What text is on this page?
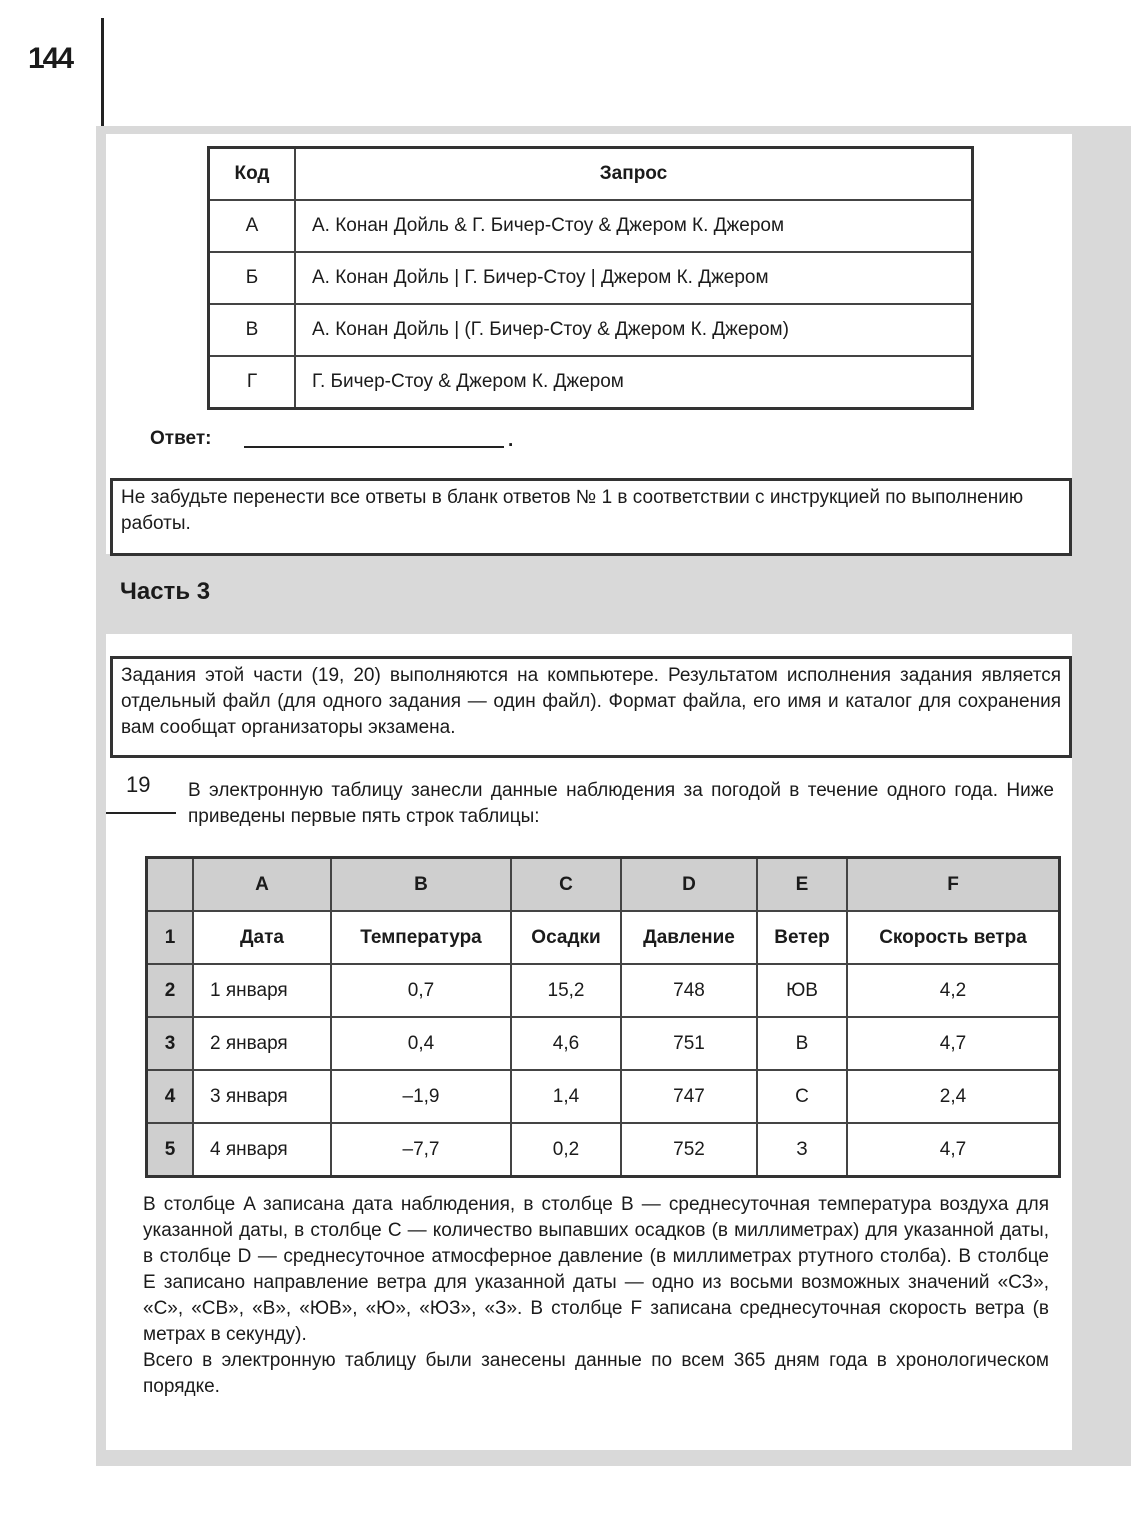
144
Код	Запрос
А	А. Конан Дойль & Г. Бичер-Стоу & Джером К. Джером
Б	А. Конан Дойль | Г. Бичер-Стоу | Джером К. Джером
В	А. Конан Дойль | (Г. Бичер-Стоу & Джером К. Джером)
Г	Г. Бичер-Стоу & Джером К. Джером
Ответ:	.
Не забудьте перенести все ответы в бланк ответов № 1 в соответствии с инструкцией по выполнению работы.
Часть 3
Задания этой части (19, 20) выполняются на компьютере. Результатом исполнения задания является отдельный файл (для одного задания — один файл). Формат файла, его имя и каталог для сохранения вам сообщат организаторы экзамена.
19 В электронную таблицу занесли данные наблюдения за погодой в течение одного года. Ниже приведены первые пять строк таблицы:
	A	B	C	D	E	F
1	Дата	Температура	Осадки	Давление	Ветер	Скорость ветра
2	1 января	0,7	15,2	748	ЮВ	4,2
3	2 января	0,4	4,6	751	В	4,7
4	3 января	–1,9	1,4	747	С	2,4
5	4 января	–7,7	0,2	752	З	4,7

В столбце A записана дата наблюдения, в столбце B — среднесуточная температура воздуха для указанной даты, в столбце C — количество выпавших осадков (в миллиметрах) для указанной даты, в столбце D — среднесуточное атмосферное давление (в миллиметрах ртутного столба). В столбце E записано направление ветра для указанной даты — одно из восьми возможных значений «СЗ», «С», «СВ», «В», «ЮВ», «Ю», «ЮЗ», «З». В столбце F записана среднесуточная скорость ветра (в метрах в секунду).

Всего в электронную таблицу были занесены данные по всем 365 дням года в хронологическом порядке.
